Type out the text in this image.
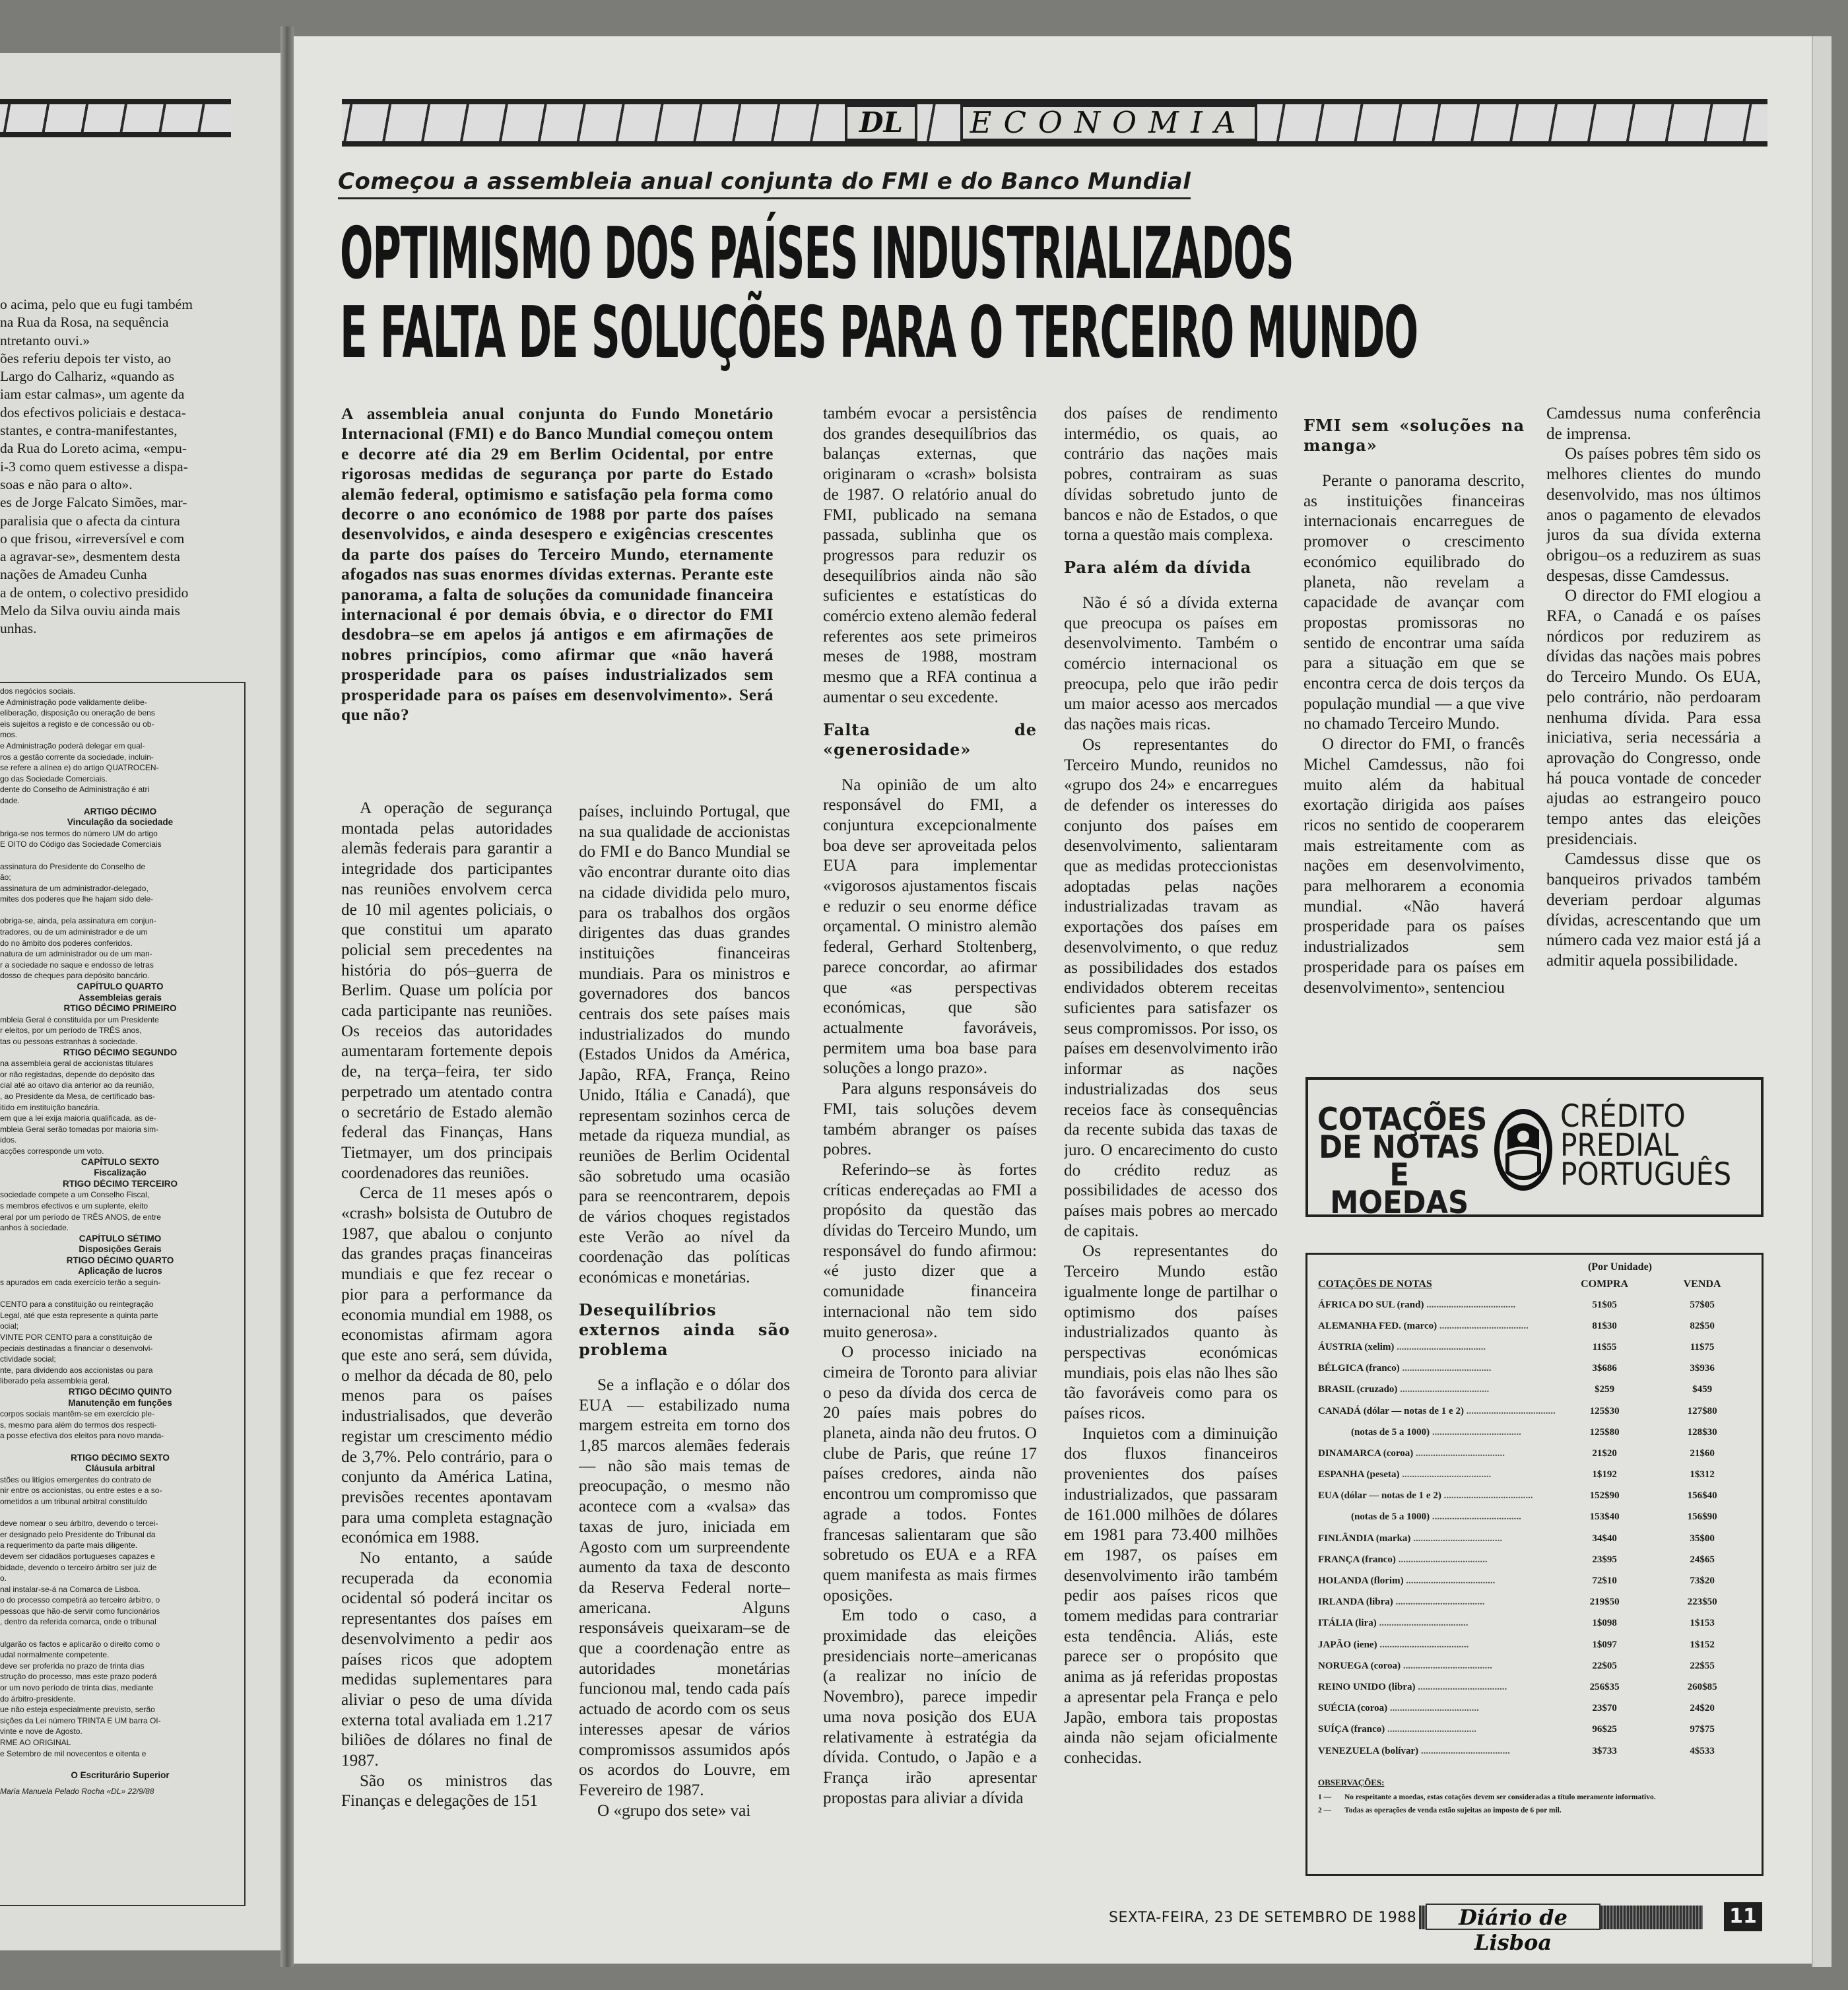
o acima, pelo que eu fugi também
na Rua da Rosa, na sequência
ntretanto ouvi.»
ões referiu depois ter visto, ao
Largo do Calhariz, «quando as
iam estar calmas», um agente da
dos efectivos policiais e destaca-
stantes, e contra-manifestantes,
da Rua do Loreto acima, «empu-
i-3 como quem estivesse a dispa-
soas e não para o alto».
es de Jorge Falcato Simões, mar-
paralisia que o afecta da cintura
o que frisou, «irreversível e com
a agravar-se», desmentem desta
nações de Amadeu Cunha
a de ontem, o colectivo presidido
Melo da Silva ouviu ainda mais
unhas.

dos negócios sociais.

e Administração pode validamente delibe-

eliberação, disposição ou oneração de bens

eis sujeitos a registo e de concessão ou ob-

mos.

e Administração poderá delegar em qual-

ros a gestão corrente da sociedade, incluin-

se refere a alínea e) do artigo QUATROCEN-

go das Sociedade Comerciais.

dente do Conselho de Administração é atri

dade.

ARTIGO DÉCIMO

Vinculação da sociedade

briga-se nos termos do número UM do artigo

E OITO do Código das Sociedade Comerciais

assinatura do Presidente do Conselho de

ão;

assinatura de um administrador-delegado,

mites dos poderes que lhe hajam sido dele-

obriga-se, ainda, pela assinatura em conjun-

tradores, ou de um administrador e de um

do no âmbito dos poderes conferidos.

natura de um administrador ou de um man-

r a sociedade no saque e endosso de letras

dosso de cheques para depósito bancário.

CAPÍTULO QUARTO

Assembleias gerais

RTIGO DÉCIMO PRIMEIRO

mbleia Geral é constituída por um Presidente

r eleitos, por um período de TRÊS anos,

tas ou pessoas estranhas à sociedade.

RTIGO DÉCIMO SEGUNDO

na assembleia geral de accionistas titulares

or não registadas, depende do depósito das

cial até ao oitavo dia anterior ao da reunião,

, ao Presidente da Mesa, de certificado bas-

itido em instituição bancária.

em que a lei exija maioria qualificada, as de-

mbleia Geral serão tomadas por maioria sim-

idos.

acções corresponde um voto.

CAPÍTULO SEXTO

Fiscalização

RTIGO DÉCIMO TERCEIRO

sociedade compete a um Conselho Fiscal,

s membros efectivos e um suplente, eleito

eral por um período de TRÊS ANOS, de entre

anhos à sociedade.

CAPÍTULO SÉTIMO

Disposições Gerais

RTIGO DÉCIMO QUARTO

Aplicação de lucros

s apurados em cada exercício terão a seguin-

CENTO para a constituição ou reintegração

Legal, até que esta represente a quinta parte

ocial;

VINTE POR CENTO para a constituição de

peciais destinadas a financiar o desenvolvi-

ctividade social;

nte, para dividendo aos accionistas ou para

liberado pela assembleia geral.

RTIGO DÉCIMO QUINTO

Manutenção em funções

corpos sociais mantêm-se em exercício ple-

s, mesmo para além do termos dos respecti-

a posse efectiva dos eleitos para novo manda-

RTIGO DÉCIMO SEXTO

Cláusula arbitral

stões ou litígios emergentes do contrato de

nir entre os accionistas, ou entre estes e a so-

ometidos a um tribunal arbitral constituído

deve nomear o seu árbitro, devendo o tercei-

er designado pelo Presidente do Tribunal da

a requerimento da parte mais diligente.

devem ser cidadãos portugueses capazes e

bidade, devendo o terceiro árbitro ser juiz de

o.

nal instalar-se-á na Comarca de Lisboa.

o do processo competirá ao terceiro árbitro, o

pessoas que hão-de servir como funcionários

, dentro da referida comarca, onde o tribunal

ulgarão os factos e aplicarão o direito como o

udal normalmente competente.

deve ser proferida no prazo de trinta dias

strução do processo, mas este prazo poderá

or um novo período de trinta dias, mediante

do árbitro-presidente.

ue não esteja especialmente previsto, serão

sições da Lei número TRINTA E UM barra OI-

vinte e nove de Agosto.

RME AO ORIGINAL

e Setembro de mil novecentos e oitenta e

O Escriturário Superior

Maria Manuela Pelado Rocha «DL» 22/9/88

DL	ECONOMIA
Começou a assembleia anual conjunta do FMI e do Banco Mundial
OPTIMISMO DOS PAÍSES INDUSTRIALIZADOS
E FALTA DE SOLUÇÕES PARA O TERCEIRO MUNDO
A assembleia anual conjunta do Fundo Monetário Internacional (FMI) e do Banco Mundial começou ontem e decorre até dia 29 em Berlim Ocidental, por entre rigorosas medidas de segurança por parte do Estado alemão federal, optimismo e satisfação pela forma como decorre o ano económico de 1988 por parte dos países desenvolvidos, e ainda desespero e exigências crescentes da parte dos países do Terceiro Mundo, eternamente afogados nas suas enormes dívidas externas. Perante este panorama, a falta de soluções da comunidade financeira internacional é por demais óbvia, e o director do FMI desdobra–se em apelos já antigos e em afirmações de nobres princípios, como afirmar que «não haverá prosperidade para os países industrializados sem prosperidade para os países em desenvolvimento». Será que não?

A operação de segurança montada pelas autoridades alemãs federais para garantir a integridade dos participantes nas reuniões envolvem cerca de 10 mil agentes policiais, o que constitui um aparato policial sem precedentes na história do pós–guerra de Berlim. Quase um polícia por cada participante nas reuniões. Os receios das autoridades aumentaram fortemente depois de, na terça–feira, ter sido perpetrado um atentado contra o secretário de Estado alemão federal das Finanças, Hans Tietmayer, um dos principais coordenadores das reuniões.

Cerca de 11 meses após o «crash» bolsista de Outubro de 1987, que abalou o conjunto das grandes praças financeiras mundiais e que fez recear o pior para a performance da economia mundial em 1988, os economistas afirmam agora que este ano será, sem dúvida, o melhor da década de 80, pelo menos para os países industrialisados, que deverão registar um crescimento médio de 3,7%. Pelo contrário, para o conjunto da América Latina, previsões recentes apontavam para uma completa estagnação económica em 1988.

No entanto, a saúde recuperada da economia ocidental só poderá incitar os representantes dos países em desenvolvimento a pedir aos países ricos que adoptem medidas suplementares para aliviar o peso de uma dívida externa total avaliada em 1.217 biliões de dólares no final de 1987.

São os ministros das Finanças e delegações de 151

países, incluindo Portugal, que na sua qualidade de accionistas do FMI e do Banco Mundial se vão encontrar durante oito dias na cidade dividida pelo muro, para os trabalhos dos orgãos dirigentes das duas grandes instituições financeiras mundiais. Para os ministros e governadores dos bancos centrais dos sete países mais industrializados do mundo (Estados Unidos da América, Japão, RFA, França, Reino Unido, Itália e Canadá), que representam sozinhos cerca de metade da riqueza mundial, as reuniões de Berlim Ocidental são sobretudo uma ocasião para se reencontrarem, depois de vários choques registados este Verão ao nível da coordenação das políticas económicas e monetárias.

Desequilíbrios externos ainda são problema

Se a inflação e o dólar dos EUA — estabilizado numa margem estreita em torno dos 1,85 marcos alemães federais — não são mais temas de preocupação, o mesmo não acontece com a «valsa» das taxas de juro, iniciada em Agosto com um surpreendente aumento da taxa de desconto da Reserva Federal norte–americana. Alguns responsáveis queixaram–se de que a coordenação entre as autoridades monetárias funcionou mal, tendo cada país actuado de acordo com os seus interesses apesar de vários compromissos assumidos após os acordos do Louvre, em Fevereiro de 1987.

O «grupo dos sete» vai

também evocar a persistência dos grandes desequilíbrios das balanças externas, que originaram o «crash» bolsista de 1987. O relatório anual do FMI, publicado na semana passada, sublinha que os progressos para reduzir os desequilíbrios ainda não são suficientes e estatísticas do comércio exteno alemão federal referentes aos sete primeiros meses de 1988, mostram mesmo que a RFA continua a aumentar o seu excedente.

Falta de «generosidade»

Na opinião de um alto responsável do FMI, a conjuntura excepcionalmente boa deve ser aproveitada pelos EUA para implementar «vigorosos ajustamentos fiscais e reduzir o seu enorme défice orçamental. O ministro alemão federal, Gerhard Stoltenberg, parece concordar, ao afirmar que «as perspectivas económicas, que são actualmente favoráveis, permitem uma boa base para soluções a longo prazo».

Para alguns responsáveis do FMI, tais soluções devem também abranger os países pobres.

Referindo–se às fortes críticas endereçadas ao FMI a propósito da questão das dívidas do Terceiro Mundo, um responsável do fundo afirmou: «é justo dizer que a comunidade financeira internacional não tem sido muito generosa».

O processo iniciado na cimeira de Toronto para aliviar o peso da dívida dos cerca de 20 paíes mais pobres do planeta, ainda não deu frutos. O clube de Paris, que reúne 17 países credores, ainda não encontrou um compromisso que agrade a todos. Fontes francesas salientaram que são sobretudo os EUA e a RFA quem manifesta as mais firmes oposições.

Em todo o caso, a proximidade das eleições presidenciais norte–americanas (a realizar no início de Novembro), parece impedir uma nova posição dos EUA relativamente à estratégia da dívida. Contudo, o Japão e a França irão apresentar propostas para aliviar a dívida

dos países de rendimento intermédio, os quais, ao contrário das nações mais pobres, contrairam as suas dívidas sobretudo junto de bancos e não de Estados, o que torna a questão mais complexa.

Para além da dívida

Não é só a dívida externa que preocupa os países em desenvolvimento. Também o comércio internacional os preocupa, pelo que irão pedir um maior acesso aos mercados das nações mais ricas.

Os representantes do Terceiro Mundo, reunidos no «grupo dos 24» e encarregues de defender os interesses do conjunto dos países em desenvolvimento, salientaram que as medidas proteccionistas adoptadas pelas nações industrializadas travam as exportações dos países em desenvolvimento, o que reduz as possibilidades dos estados endividados obterem receitas suficientes para satisfazer os seus compromissos. Por isso, os países em desenvolvimento irão informar as nações industrializadas dos seus receios face às consequências da recente subida das taxas de juro. O encarecimento do custo do crédito reduz as possibilidades de acesso dos países mais pobres ao mercado de capitais.

Os representantes do Terceiro Mundo estão igualmente longe de partilhar o optimismo dos países industrializados quanto às perspectivas económicas mundiais, pois elas não lhes são tão favoráveis como para os países ricos.

Inquietos com a diminuição dos fluxos financeiros provenientes dos países industrializados, que passaram de 161.000 milhões de dólares em 1981 para 73.400 milhões em 1987, os países em desenvolvimento irão também pedir aos países ricos que tomem medidas para contrariar esta tendência. Aliás, este parece ser o propósito que anima as já referidas propostas a apresentar pela França e pelo Japão, embora tais propostas ainda não sejam oficialmente conhecidas.

FMI sem «soluções na manga»

Perante o panorama descrito, as instituições financeiras internacionais encarregues de promover o crescimento económico equilibrado do planeta, não revelam a capacidade de avançar com propostas promissoras no sentido de encontrar uma saída para a situação em que se encontra cerca de dois terços da população mundial — a que vive no chamado Terceiro Mundo.

O director do FMI, o francês Michel Camdessus, não foi muito além da habitual exortação dirigida aos países ricos no sentido de cooperarem mais estreitamente com as nações em desenvolvimento, para melhorarem a economia mundial. «Não haverá prosperidade para os países industrializados sem prosperidade para os países em desenvolvimento», sentenciou

Camdessus numa conferência de imprensa.

Os países pobres têm sido os melhores clientes do mundo desenvolvido, mas nos últimos anos o pagamento de elevados juros da sua dívida externa obrigou–os a reduzirem as suas despesas, disse Camdessus.

O director do FMI elogiou a RFA, o Canadá e os países nórdicos por reduzirem as dívidas das nações mais pobres do Terceiro Mundo. Os EUA, pelo contrário, não perdoaram nenhuma dívida. Para essa iniciativa, seria necessária a aprovação do Congresso, onde há pouca vontade de conceder ajudas ao estrangeiro pouco tempo antes das eleições presidenciais.

Camdessus disse que os banqueiros privados também deveriam perdoar algumas dívidas, acrescentando que um número cada vez maior está já a admitir aquela possibilidade.

COTAÇÕES
DE NOTAS
E MOEDAS
CRÉDITO
PREDIAL
PORTUGUÊS
(Por Unidade)
COTAÇÕES DE NOTAS	COMPRA	VENDA
ÁFRICA DO SUL (rand) ....................................	51$05	57$05
ALEMANHA FED. (marco) ....................................	81$30	82$50
ÁUSTRIA (xelim) ....................................	11$55	11$75
BÉLGICA (franco) ....................................	3$686	3$936
BRASIL (cruzado) ....................................	$259	$459
CANADÁ (dólar — notas de 1 e 2) ....................................	125$30	127$80
(notas de 5 a 1000) ....................................	125$80	128$30
DINAMARCA (coroa) ....................................	21$20	21$60
ESPANHA (peseta) ....................................	1$192	1$312
EUA (dólar — notas de 1 e 2) ....................................	152$90	156$40
(notas de 5 a 1000) ....................................	153$40	156$90
FINLÂNDIA (marka) ....................................	34$40	35$00
FRANÇA (franco) ....................................	23$95	24$65
HOLANDA (florim) ....................................	72$10	73$20
IRLANDA (libra) ....................................	219$50	223$50
ITÁLIA (lira) ....................................	1$098	1$153
JAPÃO (iene) ....................................	1$097	1$152
NORUEGA (coroa) ....................................	22$05	22$55
REINO UNIDO (libra) ....................................	256$35	260$85
SUÉCIA (coroa) ....................................	23$70	24$20
SUÍÇA (franco) ....................................	96$25	97$75
VENEZUELA (bolívar) ....................................	3$733	4$533
OBSERVAÇÕES:
1 —	No respeitante a moedas, estas cotações devem ser consideradas a título meramente informativo.
2 —	Todas as operações de venda estão sujeitas ao imposto de 6 por mil.
SEXTA-FEIRA, 23 DE SETEMBRO DE 1988	Diário de Lisboa
11
